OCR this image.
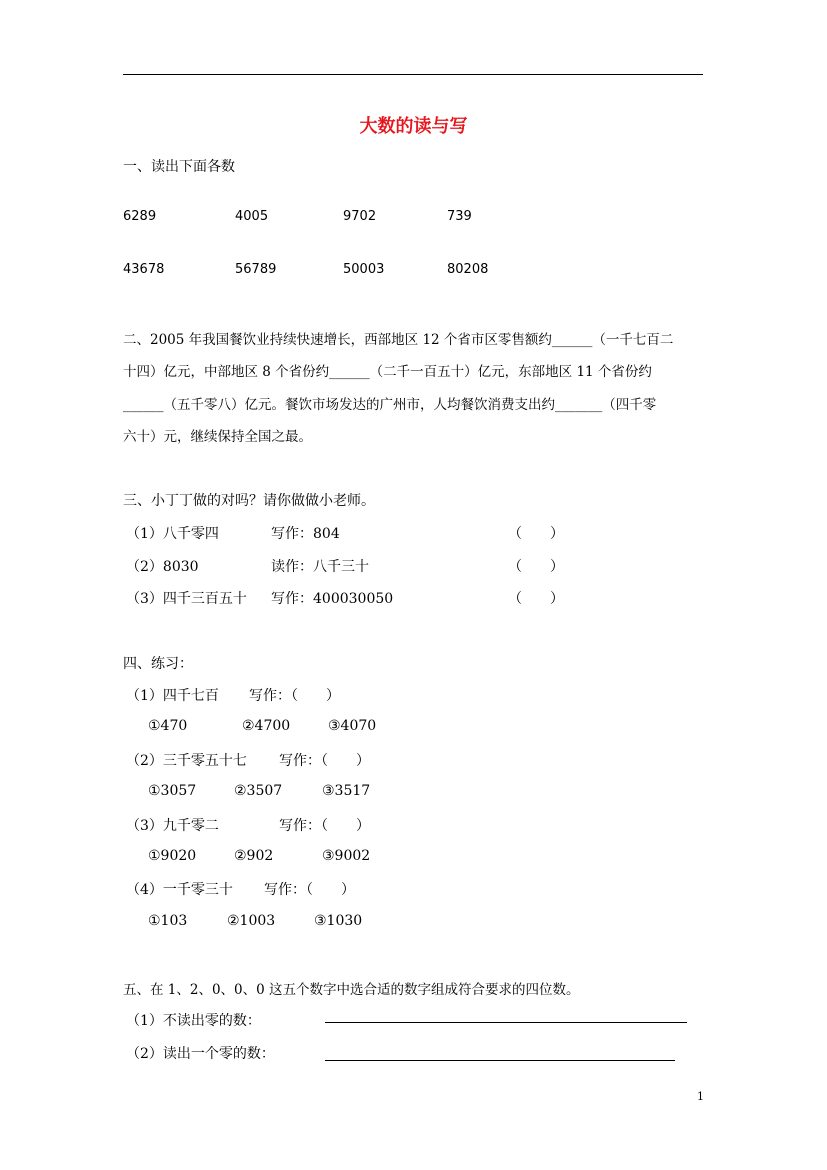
大数的读与写
一、读出下面各数
6289	4005	9702	739
43678	56789	50003	80208
二、2005 年我国餐饮业持续快速增长，西部地区 12 个省市区零售额约______（一千七百二
十四）亿元，中部地区 8 个省份约______（二千一百五十）亿元，东部地区 11 个省份约
______（五千零八）亿元。餐饮市场发达的广州市，人均餐饮消费支出约_______（四千零
六十）元，继续保持全国之最。
三、小丁丁做的对吗？请你做做小老师。
（1）八千零四	写作：804	（　　）
（2）8030	读作：八千三十	（　　）
（3）四千三百五十 写作：400030050	（　　）
四、练习：
（1）四千七百 写作：（　　）
①470	②4700	③4070
（2）三千零五十七 写作：（　　）
①3057	②3507	③3517
（3）九千零二	写作：（　　）
①9020	②902	③9002
（4）一千零三十 写作：（　　）
①103	②1003	③1030
五、在 1、2、0、0、0 这五个数字中选合适的数字组成符合要求的四位数。
（1）不读出零的数：
（2）读出一个零的数：
1
